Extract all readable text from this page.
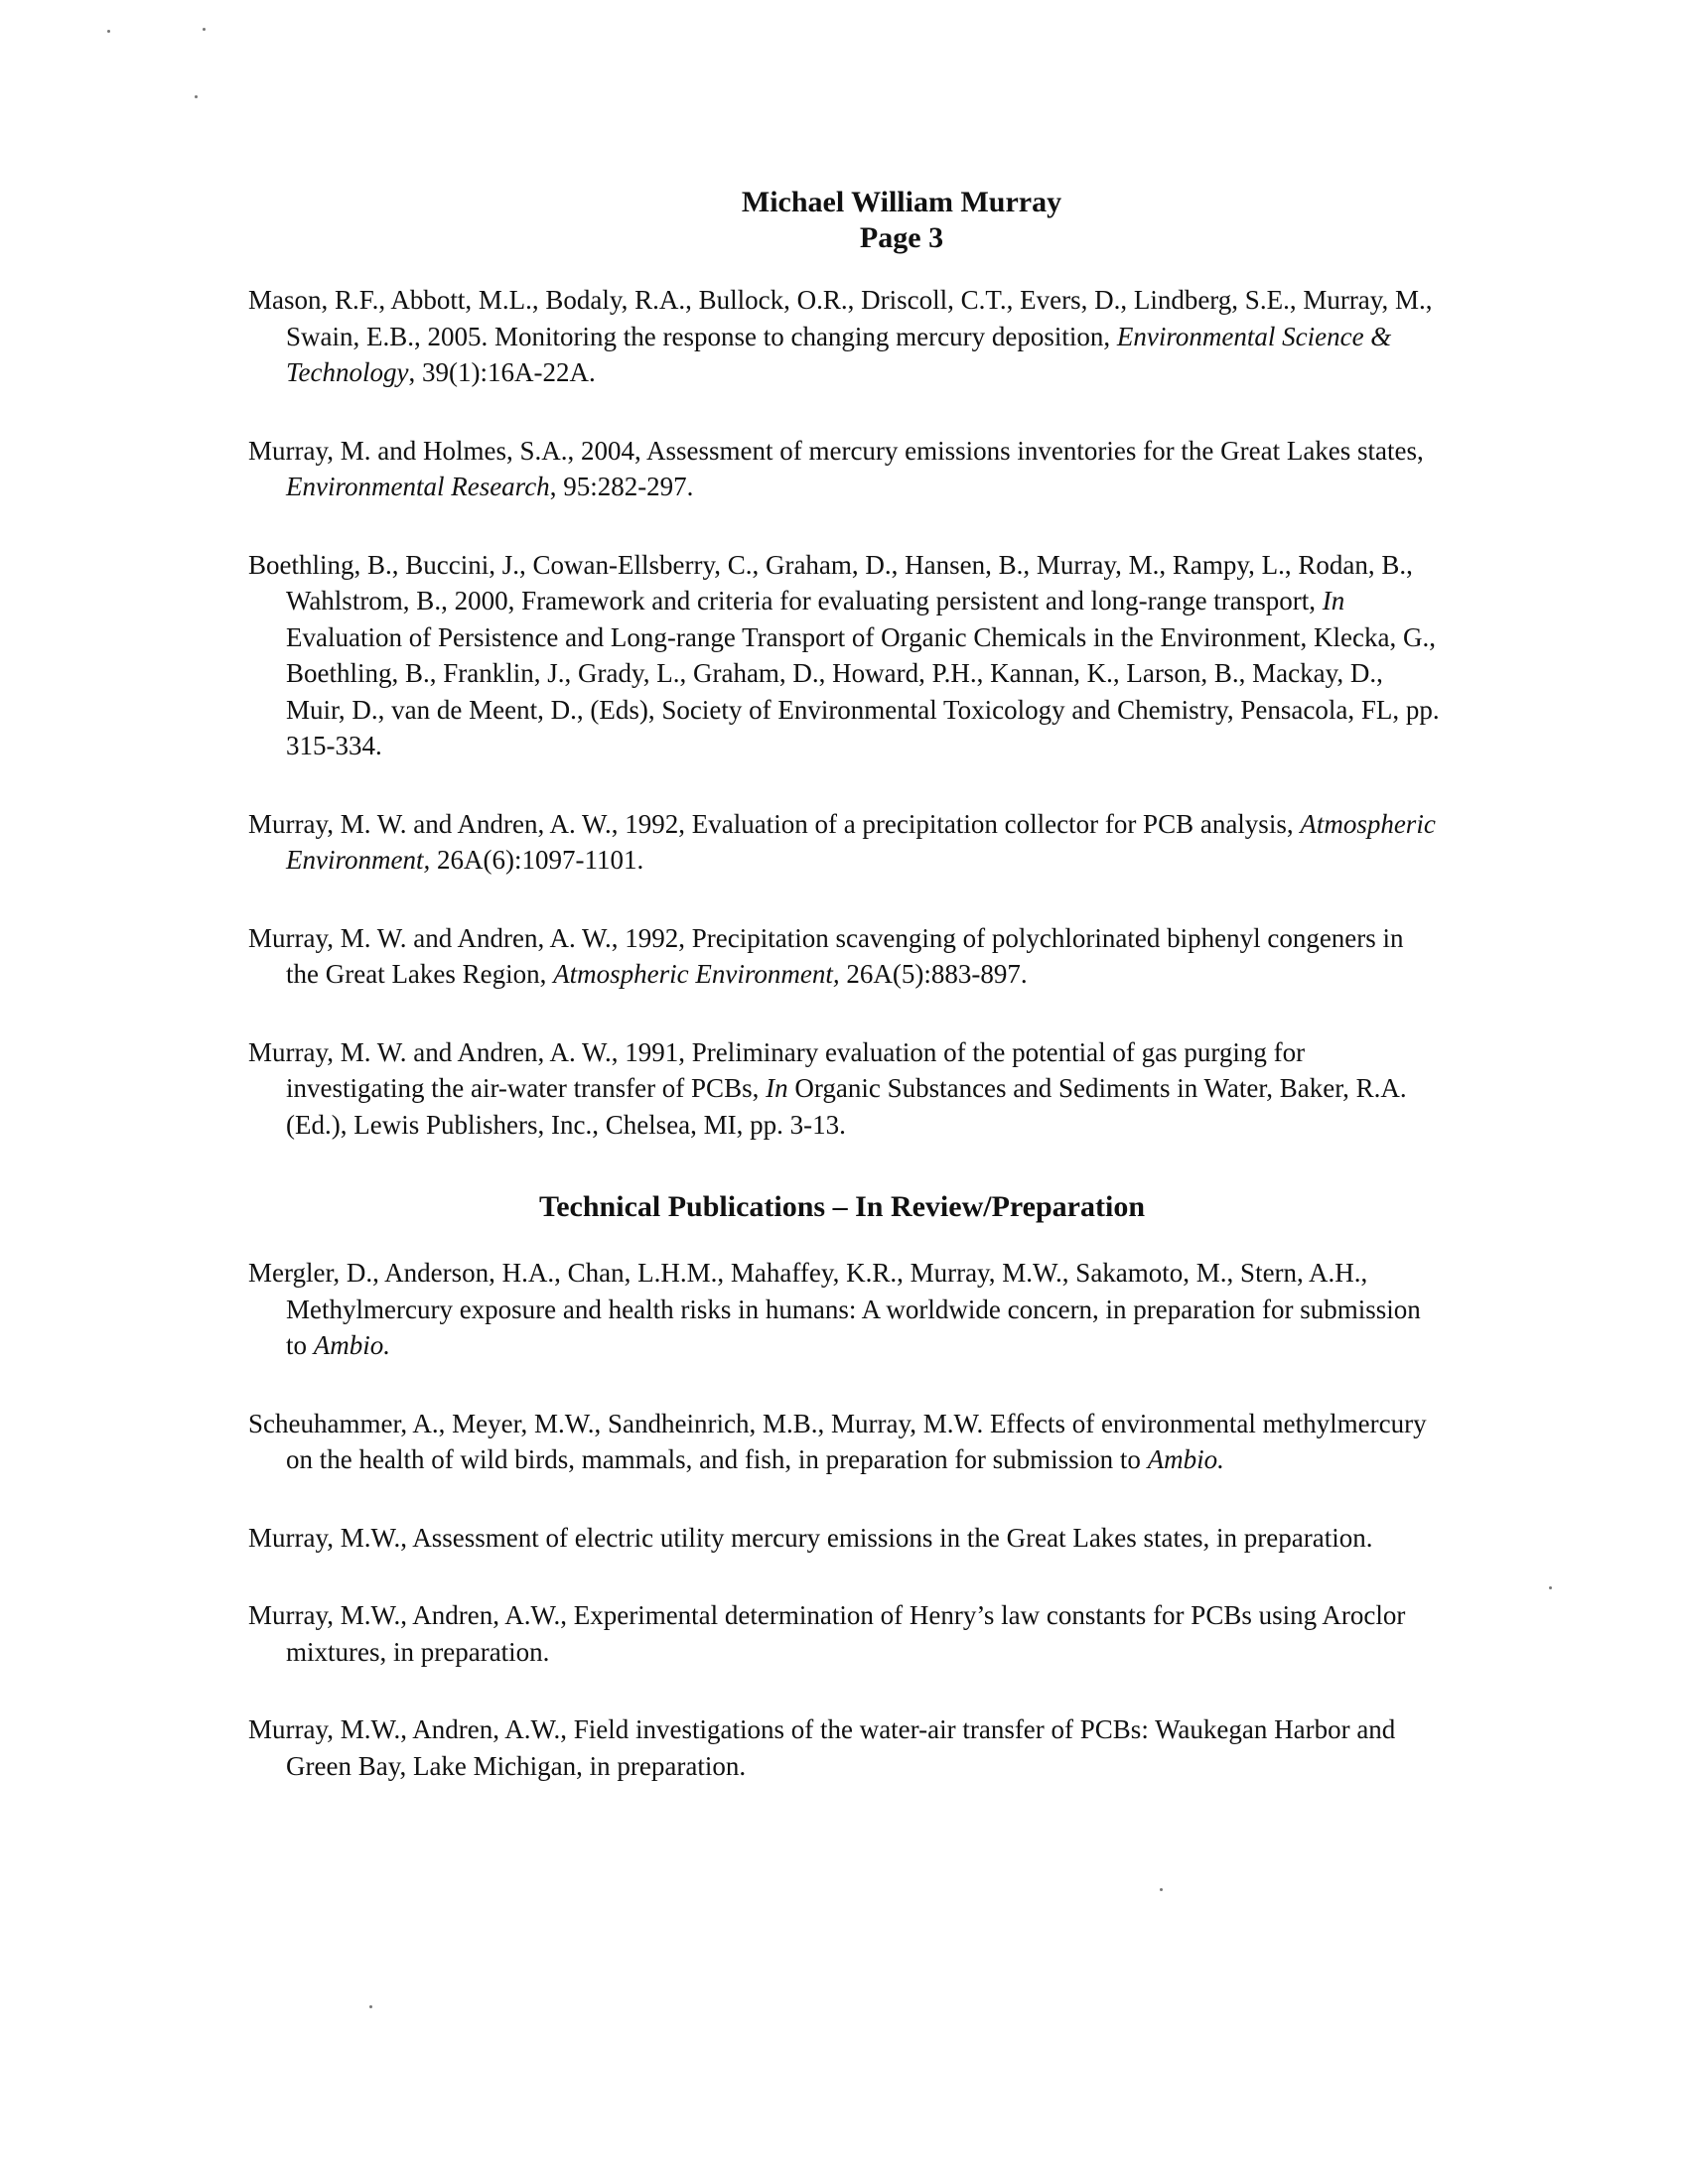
Michael William Murray
Page 3

Mason, R.F., Abbott, M.L., Bodaly, R.A., Bullock, O.R., Driscoll, C.T., Evers, D., Lindberg, S.E., Murray, M., Swain, E.B., 2005. Monitoring the response to changing mercury deposition, Environmental Science & Technology, 39(1):16A-22A.

Murray, M. and Holmes, S.A., 2004, Assessment of mercury emissions inventories for the Great Lakes states, Environmental Research, 95:282-297.

Boethling, B., Buccini, J., Cowan-Ellsberry, C., Graham, D., Hansen, B., Murray, M., Rampy, L., Rodan, B., Wahlstrom, B., 2000, Framework and criteria for evaluating persistent and long-range transport, In Evaluation of Persistence and Long-range Transport of Organic Chemicals in the Environment, Klecka, G., Boethling, B., Franklin, J., Grady, L., Graham, D., Howard, P.H., Kannan, K., Larson, B., Mackay, D., Muir, D., van de Meent, D., (Eds), Society of Environmental Toxicology and Chemistry, Pensacola, FL, pp. 315-334.

Murray, M. W. and Andren, A. W., 1992, Evaluation of a precipitation collector for PCB analysis, Atmospheric Environment, 26A(6):1097-1101.

Murray, M. W. and Andren, A. W., 1992, Precipitation scavenging of polychlorinated biphenyl congeners in the Great Lakes Region, Atmospheric Environment, 26A(5):883-897.

Murray, M. W. and Andren, A. W., 1991, Preliminary evaluation of the potential of gas purging for investigating the air-water transfer of PCBs, In Organic Substances and Sediments in Water, Baker, R.A. (Ed.), Lewis Publishers, Inc., Chelsea, MI, pp. 3-13.

Technical Publications – In Review/Preparation

Mergler, D., Anderson, H.A., Chan, L.H.M., Mahaffey, K.R., Murray, M.W., Sakamoto, M., Stern, A.H., Methylmercury exposure and health risks in humans: A worldwide concern, in preparation for submission to Ambio.

Scheuhammer, A., Meyer, M.W., Sandheinrich, M.B., Murray, M.W. Effects of environmental methylmercury on the health of wild birds, mammals, and fish, in preparation for submission to Ambio.

Murray, M.W., Assessment of electric utility mercury emissions in the Great Lakes states, in preparation.

Murray, M.W., Andren, A.W., Experimental determination of Henry’s law constants for PCBs using Aroclor mixtures, in preparation.

Murray, M.W., Andren, A.W., Field investigations of the water-air transfer of PCBs: Waukegan Harbor and Green Bay, Lake Michigan, in preparation.
